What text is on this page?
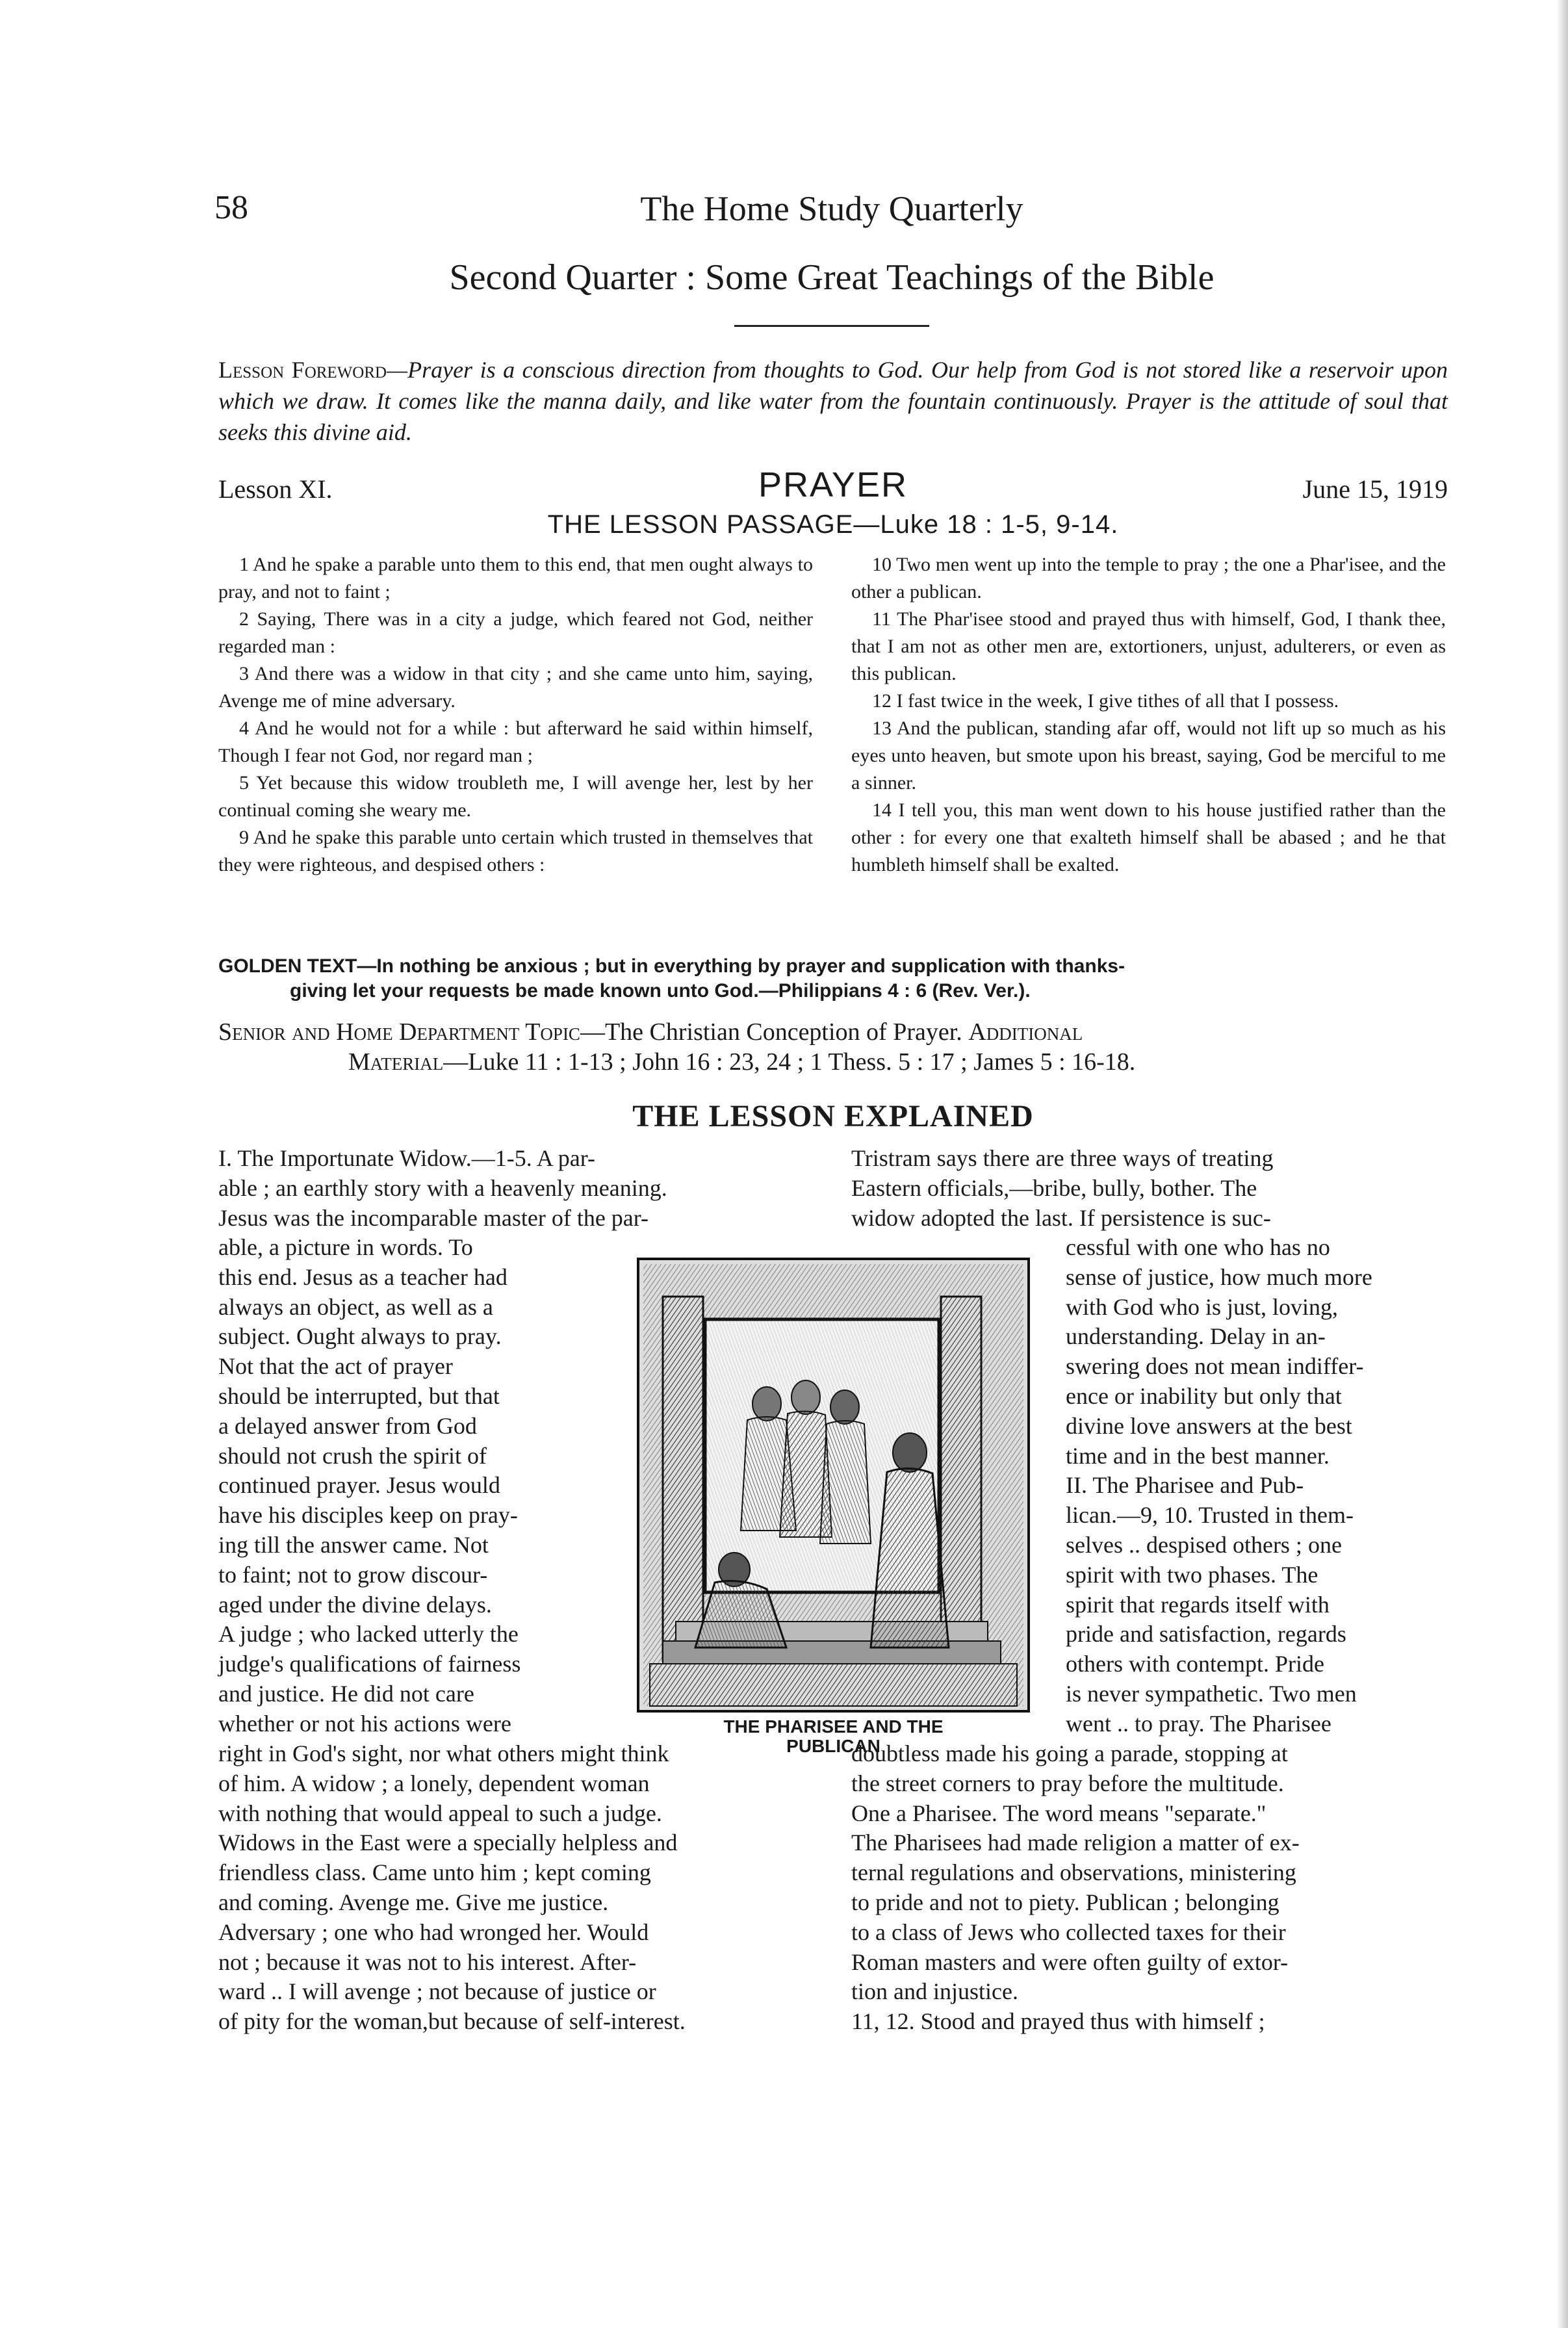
58	The Home Study Quarterly
Second Quarter : Some Great Teachings of the Bible
Lesson Foreword—Prayer is a conscious direction from thoughts to God. Our help from God is not stored like a reservoir upon which we draw. It comes like the manna daily, and like water from the fountain continuously. Prayer is the attitude of soul that seeks this divine aid.
Lesson XI.	PRAYER	June 15, 1919
THE LESSON PASSAGE—Luke 18 : 1-5, 9-14.

1 And he spake a parable unto them to this end, that men ought always to pray, and not to faint ;

2 Saying, There was in a city a judge, which feared not God, neither regarded man :

3 And there was a widow in that city ; and she came unto him, saying, Avenge me of mine adversary.

4 And he would not for a while : but afterward he said within himself, Though I fear not God, nor regard man ;

5 Yet because this widow troubleth me, I will avenge her, lest by her continual coming she weary me.

9 And he spake this parable unto certain which trusted in themselves that they were righteous, and despised others :

10 Two men went up into the temple to pray ; the one a Phar'isee, and the other a publican.

11 The Phar'isee stood and prayed thus with himself, God, I thank thee, that I am not as other men are, extortioners, unjust, adulterers, or even as this publican.

12 I fast twice in the week, I give tithes of all that I possess.

13 And the publican, standing afar off, would not lift up so much as his eyes unto heaven, but smote upon his breast, saying, God be merciful to me a sinner.

14 I tell you, this man went down to his house justified rather than the other : for every one that exalteth himself shall be abased ; and he that humbleth himself shall be exalted.

GOLDEN TEXT—In nothing be anxious ; but in everything by prayer and supplication with thanks-
giving let your requests be made known unto God.—Philippians 4 : 6 (Rev. Ver.).
Senior and Home Department Topic—The Christian Conception of Prayer. Additional
Material—Luke 11 : 1-13 ; John 16 : 23, 24 ; 1 Thess. 5 : 17 ; James 5 : 16-18.
THE LESSON EXPLAINED

I. The Importunate Widow.—1-5. A par-

able ; an earthly story with a heavenly meaning.

Jesus was the incomparable master of the par-

able, a picture in words. To

this end. Jesus as a teacher had

always an object, as well as a

subject. Ought always to pray.

Not that the act of prayer

should be interrupted, but that

a delayed answer from God

should not crush the spirit of

continued prayer. Jesus would

have his disciples keep on pray-

ing till the answer came. Not

to faint; not to grow discour-

aged under the divine delays.

A judge ; who lacked utterly the

judge's qualifications of fairness

and justice. He did not care

whether or not his actions were

right in God's sight, nor what others might think

of him. A widow ; a lonely, dependent woman

with nothing that would appeal to such a judge.

Widows in the East were a specially helpless and

friendless class. Came unto him ; kept coming

and coming. Avenge me. Give me justice.

Adversary ; one who had wronged her. Would

not ; because it was not to his interest. After-

ward .. I will avenge ; not because of justice or

of pity for the woman,but because of self-interest.

Tristram says there are three ways of treating

Eastern officials,—bribe, bully, bother. The

widow adopted the last. If persistence is suc-

cessful with one who has no

sense of justice, how much more

with God who is just, loving,

understanding. Delay in an-

swering does not mean indiffer-

ence or inability but only that

divine love answers at the best

time and in the best manner.

II. The Pharisee and Pub-

lican.—9, 10. Trusted in them-

selves .. despised others ; one

spirit with two phases. The

spirit that regards itself with

pride and satisfaction, regards

others with contempt. Pride

is never sympathetic. Two men

went .. to pray. The Pharisee

doubtless made his going a parade, stopping at

the street corners to pray before the multitude.

One a Pharisee. The word means "separate."

The Pharisees had made religion a matter of ex-

ternal regulations and observations, ministering

to pride and not to piety. Publican ; belonging

to a class of Jews who collected taxes for their

Roman masters and were often guilty of extor-

tion and injustice.

11, 12. Stood and prayed thus with himself ;

THE PHARISEE AND THE
PUBLICAN
